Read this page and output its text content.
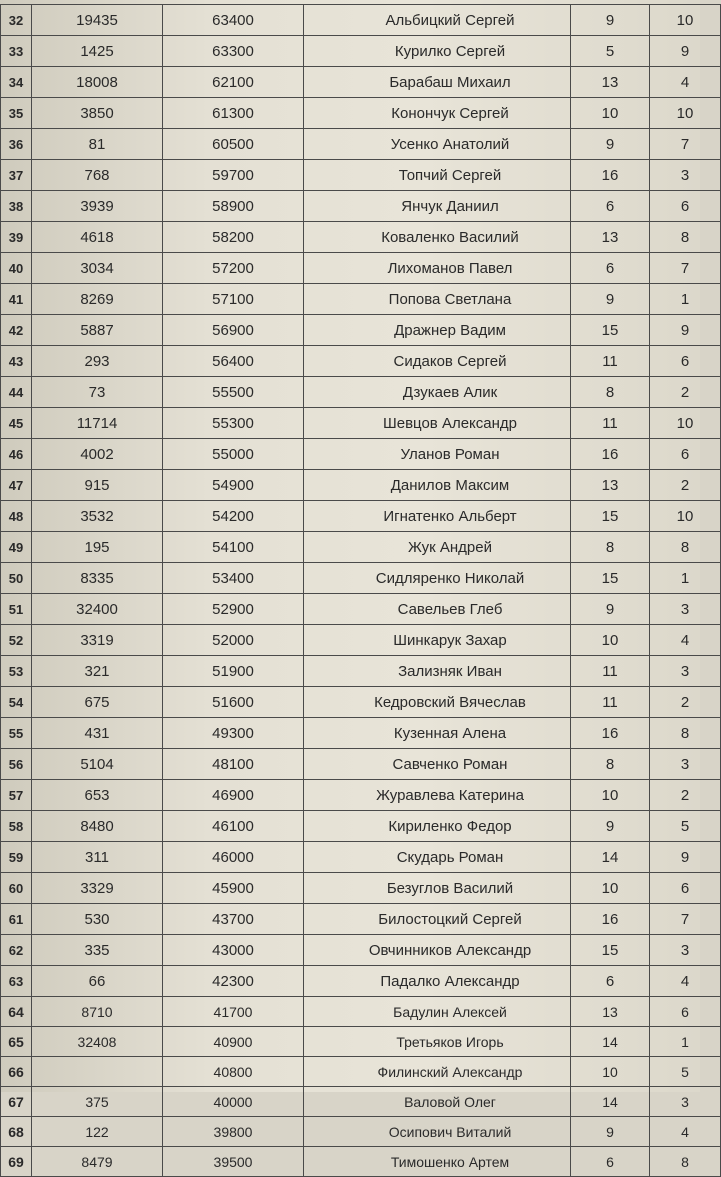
32	19435	63400	Альбицкий Сергей	9	10
33	1425	63300	Курилко Сергей	5	9
34	18008	62100	Барабаш Михаил	13	4
35	3850	61300	Конончук Сергей	10	10
36	81	60500	Усенко Анатолий	9	7
37	768	59700	Топчий Сергей	16	3
38	3939	58900	Янчук Даниил	6	6
39	4618	58200	Коваленко Василий	13	8
40	3034	57200	Лихоманов Павел	6	7
41	8269	57100	Попова Светлана	9	1
42	5887	56900	Дражнер Вадим	15	9
43	293	56400	Сидаков Сергей	11	6
44	73	55500	Дзукаев Алик	8	2
45	11714	55300	Шевцов Александр	11	10
46	4002	55000	Уланов Роман	16	6
47	915	54900	Данилов Максим	13	2
48	3532	54200	Игнатенко Альберт	15	10
49	195	54100	Жук Андрей	8	8
50	8335	53400	Сидляренко Николай	15	1
51	32400	52900	Савельев Глеб	9	3
52	3319	52000	Шинкарук Захар	10	4
53	321	51900	Зализняк Иван	11	3
54	675	51600	Кедровский Вячеслав	11	2
55	431	49300	Кузенная Алена	16	8
56	5104	48100	Савченко Роман	8	3
57	653	46900	Журавлева Катерина	10	2
58	8480	46100	Кириленко Федор	9	5
59	311	46000	Скударь Роман	14	9
60	3329	45900	Безуглов Василий	10	6
61	530	43700	Билостоцкий Сергей	16	7
62	335	43000	Овчинников Александр	15	3
63	66	42300	Падалко Александр	6	4
64	8710	41700	Бадулин Алексей	13	6
65	32408	40900	Третьяков Игорь	14	1
66		40800	Филинский Александр	10	5
67	375	40000	Валовой Олег	14	3
68	122	39800	Осипович Виталий	9	4
69	8479	39500	Тимошенко Артем	6	8
